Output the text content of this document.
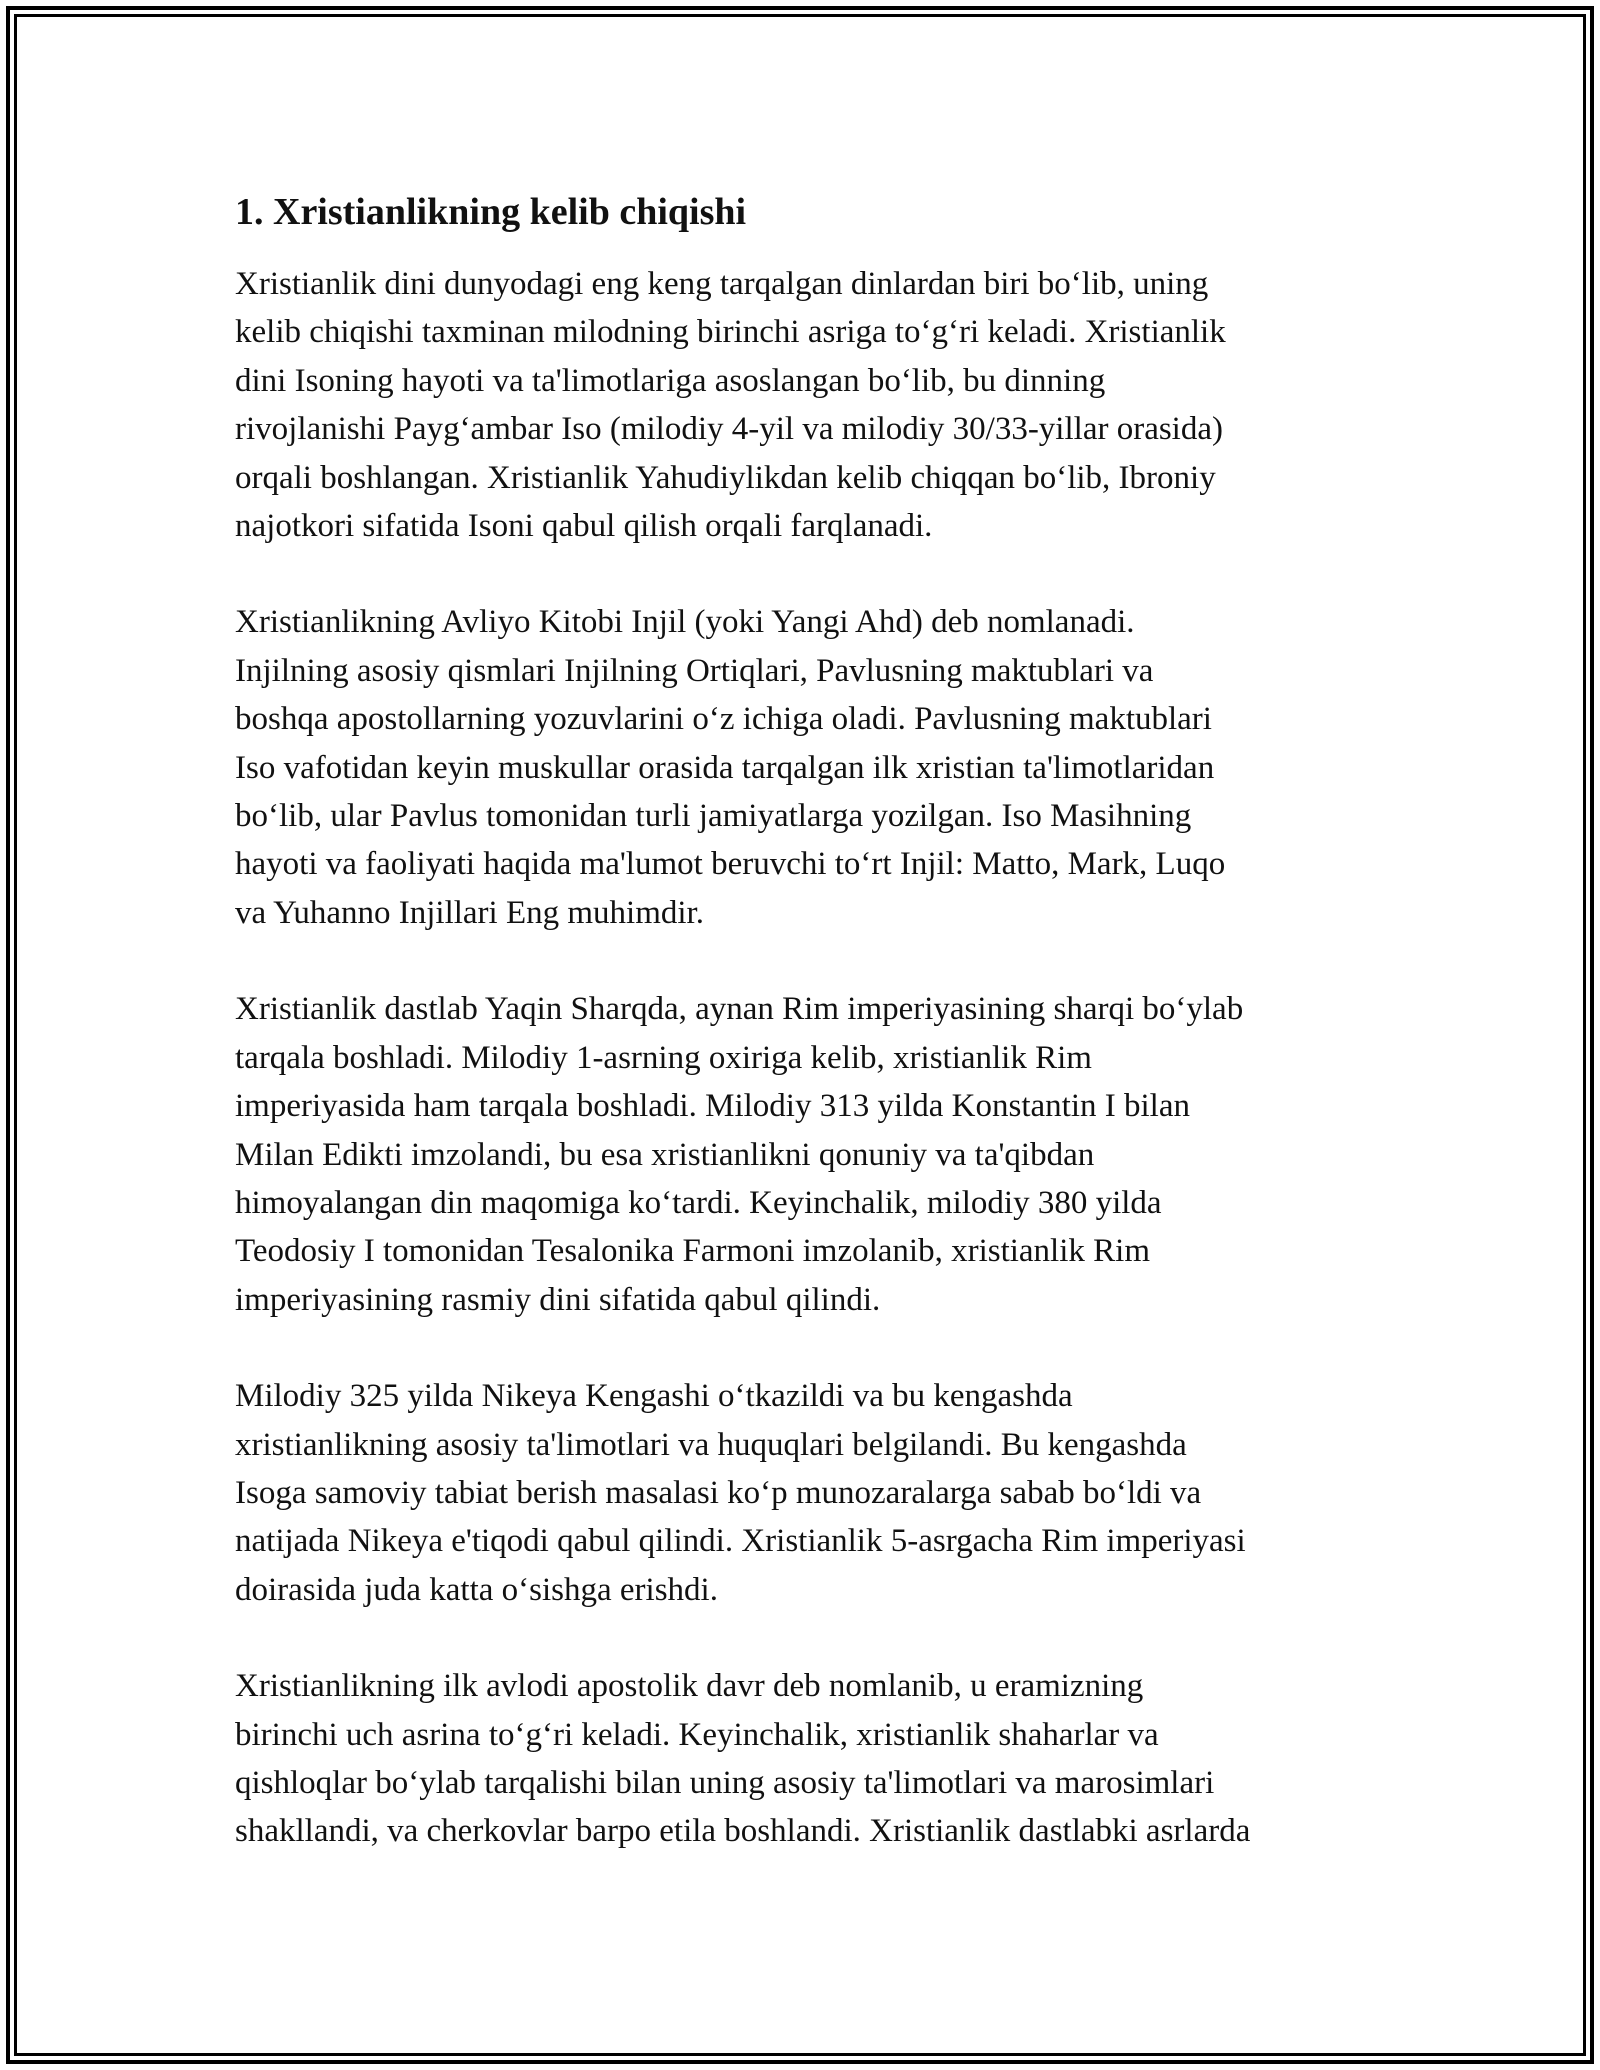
1. Xristianlikning kelib chiqishi

Xristianlik dini dunyodagi eng keng tarqalgan dinlardan biri boʻlib, uning
kelib chiqishi taxminan milodning birinchi asriga toʻgʻri keladi. Xristianlik
dini Isoning hayoti va ta'limotlariga asoslangan boʻlib, bu dinning
rivojlanishi Paygʻambar Iso (milodiy 4-yil va milodiy 30/33-yillar orasida)
orqali boshlangan. Xristianlik Yahudiylikdan kelib chiqqan boʻlib, Ibroniy
najotkori sifatida Isoni qabul qilish orqali farqlanadi.

Xristianlikning Avliyo Kitobi Injil (yoki Yangi Ahd) deb nomlanadi.
Injilning asosiy qismlari Injilning Ortiqlari, Pavlusning maktublari va
boshqa apostollarning yozuvlarini oʻz ichiga oladi. Pavlusning maktublari
Iso vafotidan keyin muskullar orasida tarqalgan ilk xristian ta'limotlaridan
boʻlib, ular Pavlus tomonidan turli jamiyatlarga yozilgan. Iso Masihning
hayoti va faoliyati haqida ma'lumot beruvchi toʻrt Injil: Matto, Mark, Luqo
va Yuhanno Injillari Eng muhimdir.

Xristianlik dastlab Yaqin Sharqda, aynan Rim imperiyasining sharqi boʻylab
tarqala boshladi. Milodiy 1-asrning oxiriga kelib, xristianlik Rim
imperiyasida ham tarqala boshladi. Milodiy 313 yilda Konstantin I bilan
Milan Edikti imzolandi, bu esa xristianlikni qonuniy va ta'qibdan
himoyalangan din maqomiga koʻtardi. Keyinchalik, milodiy 380 yilda
Teodosiy I tomonidan Tesalonika Farmoni imzolanib, xristianlik Rim
imperiyasining rasmiy dini sifatida qabul qilindi.

Milodiy 325 yilda Nikeya Kengashi oʻtkazildi va bu kengashda
xristianlikning asosiy ta'limotlari va huquqlari belgilandi. Bu kengashda
Isoga samoviy tabiat berish masalasi koʻp munozaralarga sabab boʻldi va
natijada Nikeya e'tiqodi qabul qilindi. Xristianlik 5-asrgacha Rim imperiyasi
doirasida juda katta oʻsishga erishdi.

Xristianlikning ilk avlodi apostolik davr deb nomlanib, u eramizning
birinchi uch asrina toʻgʻri keladi. Keyinchalik, xristianlik shaharlar va
qishloqlar boʻylab tarqalishi bilan uning asosiy ta'limotlari va marosimlari
shakllandi, va cherkovlar barpo etila boshlandi. Xristianlik dastlabki asrlarda
